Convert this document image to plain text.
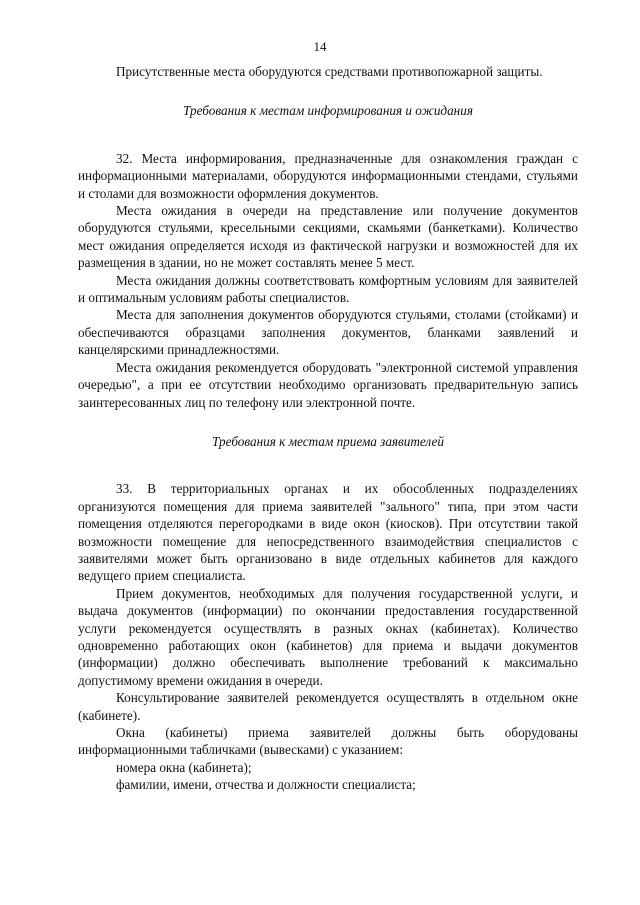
14

Присутственные места оборудуются средствами противопожарной защиты.

Требования к местам информирования и ожидания

32. Места информирования, предназначенные для ознакомления граждан с информационными материалами, оборудуются информационными стендами, стульями и столами для возможности оформления документов.

Места ожидания в очереди на представление или получение документов оборудуются стульями, кресельными секциями, скамьями (банкетками). Количество мест ожидания определяется исходя из фактической нагрузки и возможностей для их размещения в здании, но не может составлять менее 5 мест.

Места ожидания должны соответствовать комфортным условиям для заявителей и оптимальным условиям работы специалистов.

Места для заполнения документов оборудуются стульями, столами (стойками) и обеспечиваются образцами заполнения документов, бланками заявлений и канцелярскими принадлежностями.

Места ожидания рекомендуется оборудовать "электронной системой управления очередью", а при ее отсутствии необходимо организовать предварительную запись заинтересованных лиц по телефону или электронной почте.

Требования к местам приема заявителей

33. В территориальных органах и их обособленных подразделениях организуются помещения для приема заявителей "зального" типа, при этом части помещения отделяются перегородками в виде окон (киосков). При отсутствии такой возможности помещение для непосредственного взаимодействия специалистов с заявителями может быть организовано в виде отдельных кабинетов для каждого ведущего прием специалиста.

Прием документов, необходимых для получения государственной услуги, и выдача документов (информации) по окончании предоставления государственной услуги рекомендуется осуществлять в разных окнах (кабинетах). Количество одновременно работающих окон (кабинетов) для приема и выдачи документов (информации) должно обеспечивать выполнение требований к максимально допустимому времени ожидания в очереди.

Консультирование заявителей рекомендуется осуществлять в отдельном окне (кабинете).

Окна (кабинеты) приема заявителей должны быть оборудованы информационными табличками (вывесками) с указанием:

номера окна (кабинета);

фамилии, имени, отчества и должности специалиста;
